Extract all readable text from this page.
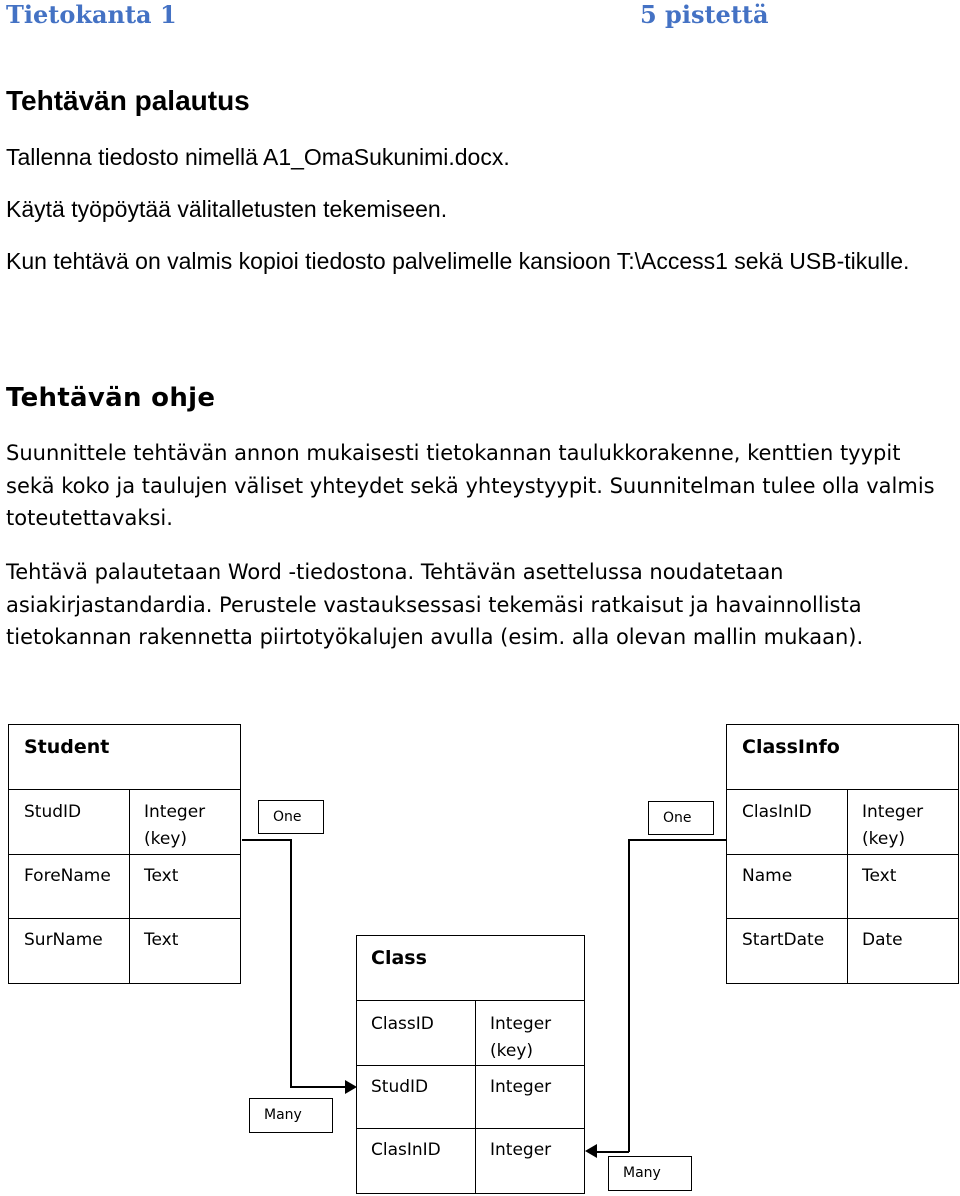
Tietokanta 1	5 pistettä
Tehtävän palautus
Tallenna tiedosto nimellä A1_OmaSukunimi.docx.
Käytä työpöytää välitalletusten tekemiseen.
Kun tehtävä on valmis kopioi tiedosto palvelimelle kansioon T:\Access1 sekä USB-tikulle.
Tehtävän ohje
Suunnittele tehtävän annon mukaisesti tietokannan taulukkorakenne, kenttien tyypit sekä koko ja taulujen väliset yhteydet sekä yhteystyypit. Suunnitelman tulee olla valmis toteutettavaksi.
Tehtävä palautetaan Word -tiedostona. Tehtävän asettelussa noudatetaan asiakirjastandardia. Perustele vastauksessasi tekemäsi ratkaisut ja havainnollista tietokannan rakennetta piirtotyökalujen avulla (esim. alla olevan mallin mukaan).
Student
StudID	Integer (key)
ForeName	Text
SurName	Text
ClassInfo
ClasInID	Integer (key)
Name	Text
StartDate	Date
Class
ClassID	Integer (key)
StudID	Integer
ClasInID	Integer
One	One
Many
Many
